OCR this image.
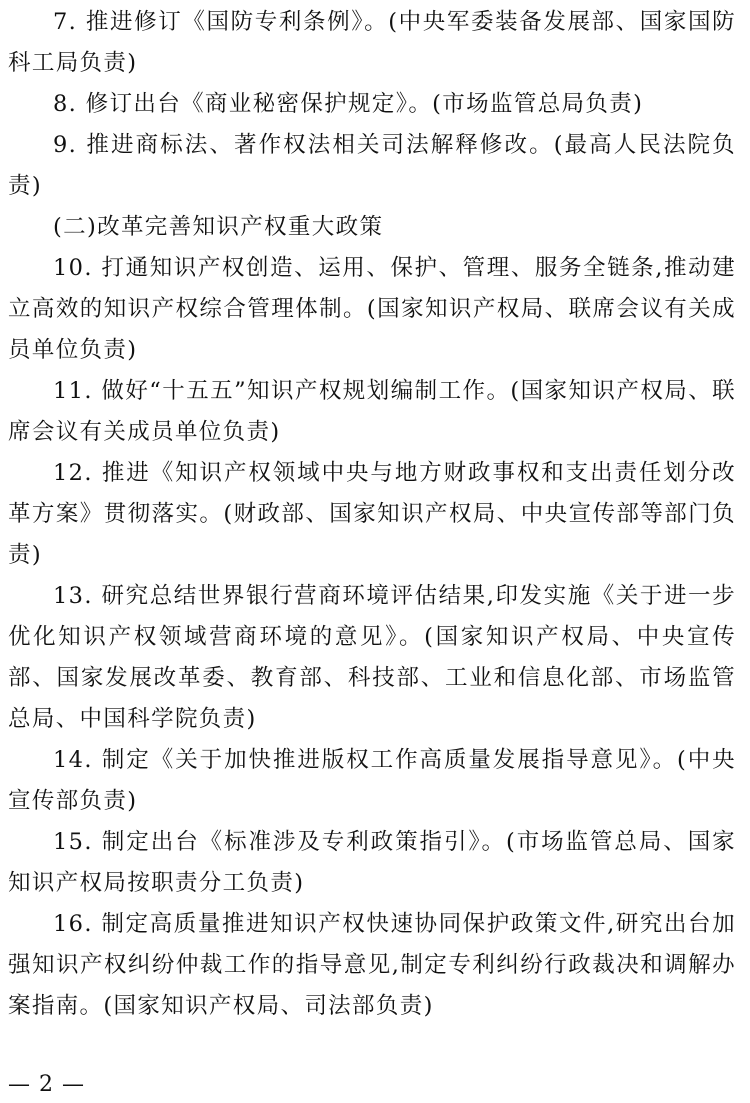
7. 推进修订《国防专利条例》。(中央军委装备发展部、国家国防科工局负责)

8. 修订出台《商业秘密保护规定》。(市场监管总局负责)

9. 推进商标法、著作权法相关司法解释修改。(最高人民法院负责)

(二)改革完善知识产权重大政策

10. 打通知识产权创造、运用、保护、管理、服务全链条,推动建立高效的知识产权综合管理体制。(国家知识产权局、联席会议有关成员单位负责)

11. 做好“十五五”知识产权规划编制工作。(国家知识产权局、联席会议有关成员单位负责)

12. 推进《知识产权领域中央与地方财政事权和支出责任划分改革方案》贯彻落实。(财政部、国家知识产权局、中央宣传部等部门负责)

13. 研究总结世界银行营商环境评估结果,印发实施《关于进一步优化知识产权领域营商环境的意见》。(国家知识产权局、中央宣传部、国家发展改革委、教育部、科技部、工业和信息化部、市场监管总局、中国科学院负责)

14. 制定《关于加快推进版权工作高质量发展指导意见》。(中央宣传部负责)

15. 制定出台《标准涉及专利政策指引》。(市场监管总局、国家知识产权局按职责分工负责)

16. 制定高质量推进知识产权快速协同保护政策文件,研究出台加强知识产权纠纷仲裁工作的指导意见,制定专利纠纷行政裁决和调解办案指南。(国家知识产权局、司法部负责)

— 2 —
